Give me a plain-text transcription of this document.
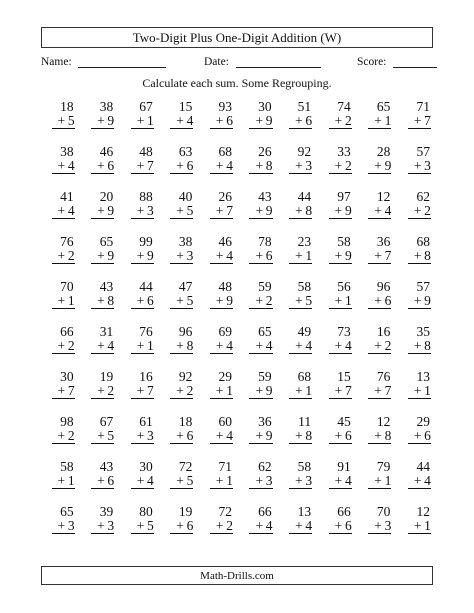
Two-Digit Plus One-Digit Addition (W)
Name:	Date:	Score:
Calculate each sum. Some Regrouping.
18
+ 5
38
+ 9
67
+ 1
15
+ 4
93
+ 6
30
+ 9
51
+ 6
74
+ 2
65
+ 1
71
+ 7
38
+ 4
46
+ 6
48
+ 7
63
+ 6
68
+ 4
26
+ 8
92
+ 3
33
+ 2
28
+ 9
57
+ 3
41
+ 4
20
+ 9
88
+ 3
40
+ 5
26
+ 7
43
+ 9
44
+ 8
97
+ 9
12
+ 4
62
+ 2
76
+ 2
65
+ 9
99
+ 9
38
+ 3
46
+ 4
78
+ 6
23
+ 1
58
+ 9
36
+ 7
68
+ 8
70
+ 1
43
+ 8
44
+ 6
47
+ 5
48
+ 9
59
+ 2
58
+ 5
56
+ 1
96
+ 6
57
+ 9
66
+ 2
31
+ 4
76
+ 1
96
+ 8
69
+ 4
65
+ 4
49
+ 4
73
+ 4
16
+ 2
35
+ 8
30
+ 7
19
+ 2
16
+ 7
92
+ 2
29
+ 1
59
+ 9
68
+ 1
15
+ 7
76
+ 7
13
+ 1
98
+ 2
67
+ 5
61
+ 3
18
+ 6
60
+ 4
36
+ 9
11
+ 8
45
+ 6
12
+ 8
29
+ 6
58
+ 1
43
+ 6
30
+ 4
72
+ 5
71
+ 1
62
+ 3
58
+ 3
91
+ 4
79
+ 1
44
+ 4
65
+ 3
39
+ 3
80
+ 5
19
+ 6
72
+ 2
66
+ 4
13
+ 4
66
+ 6
70
+ 3
12
+ 1
Math-Drills.com
